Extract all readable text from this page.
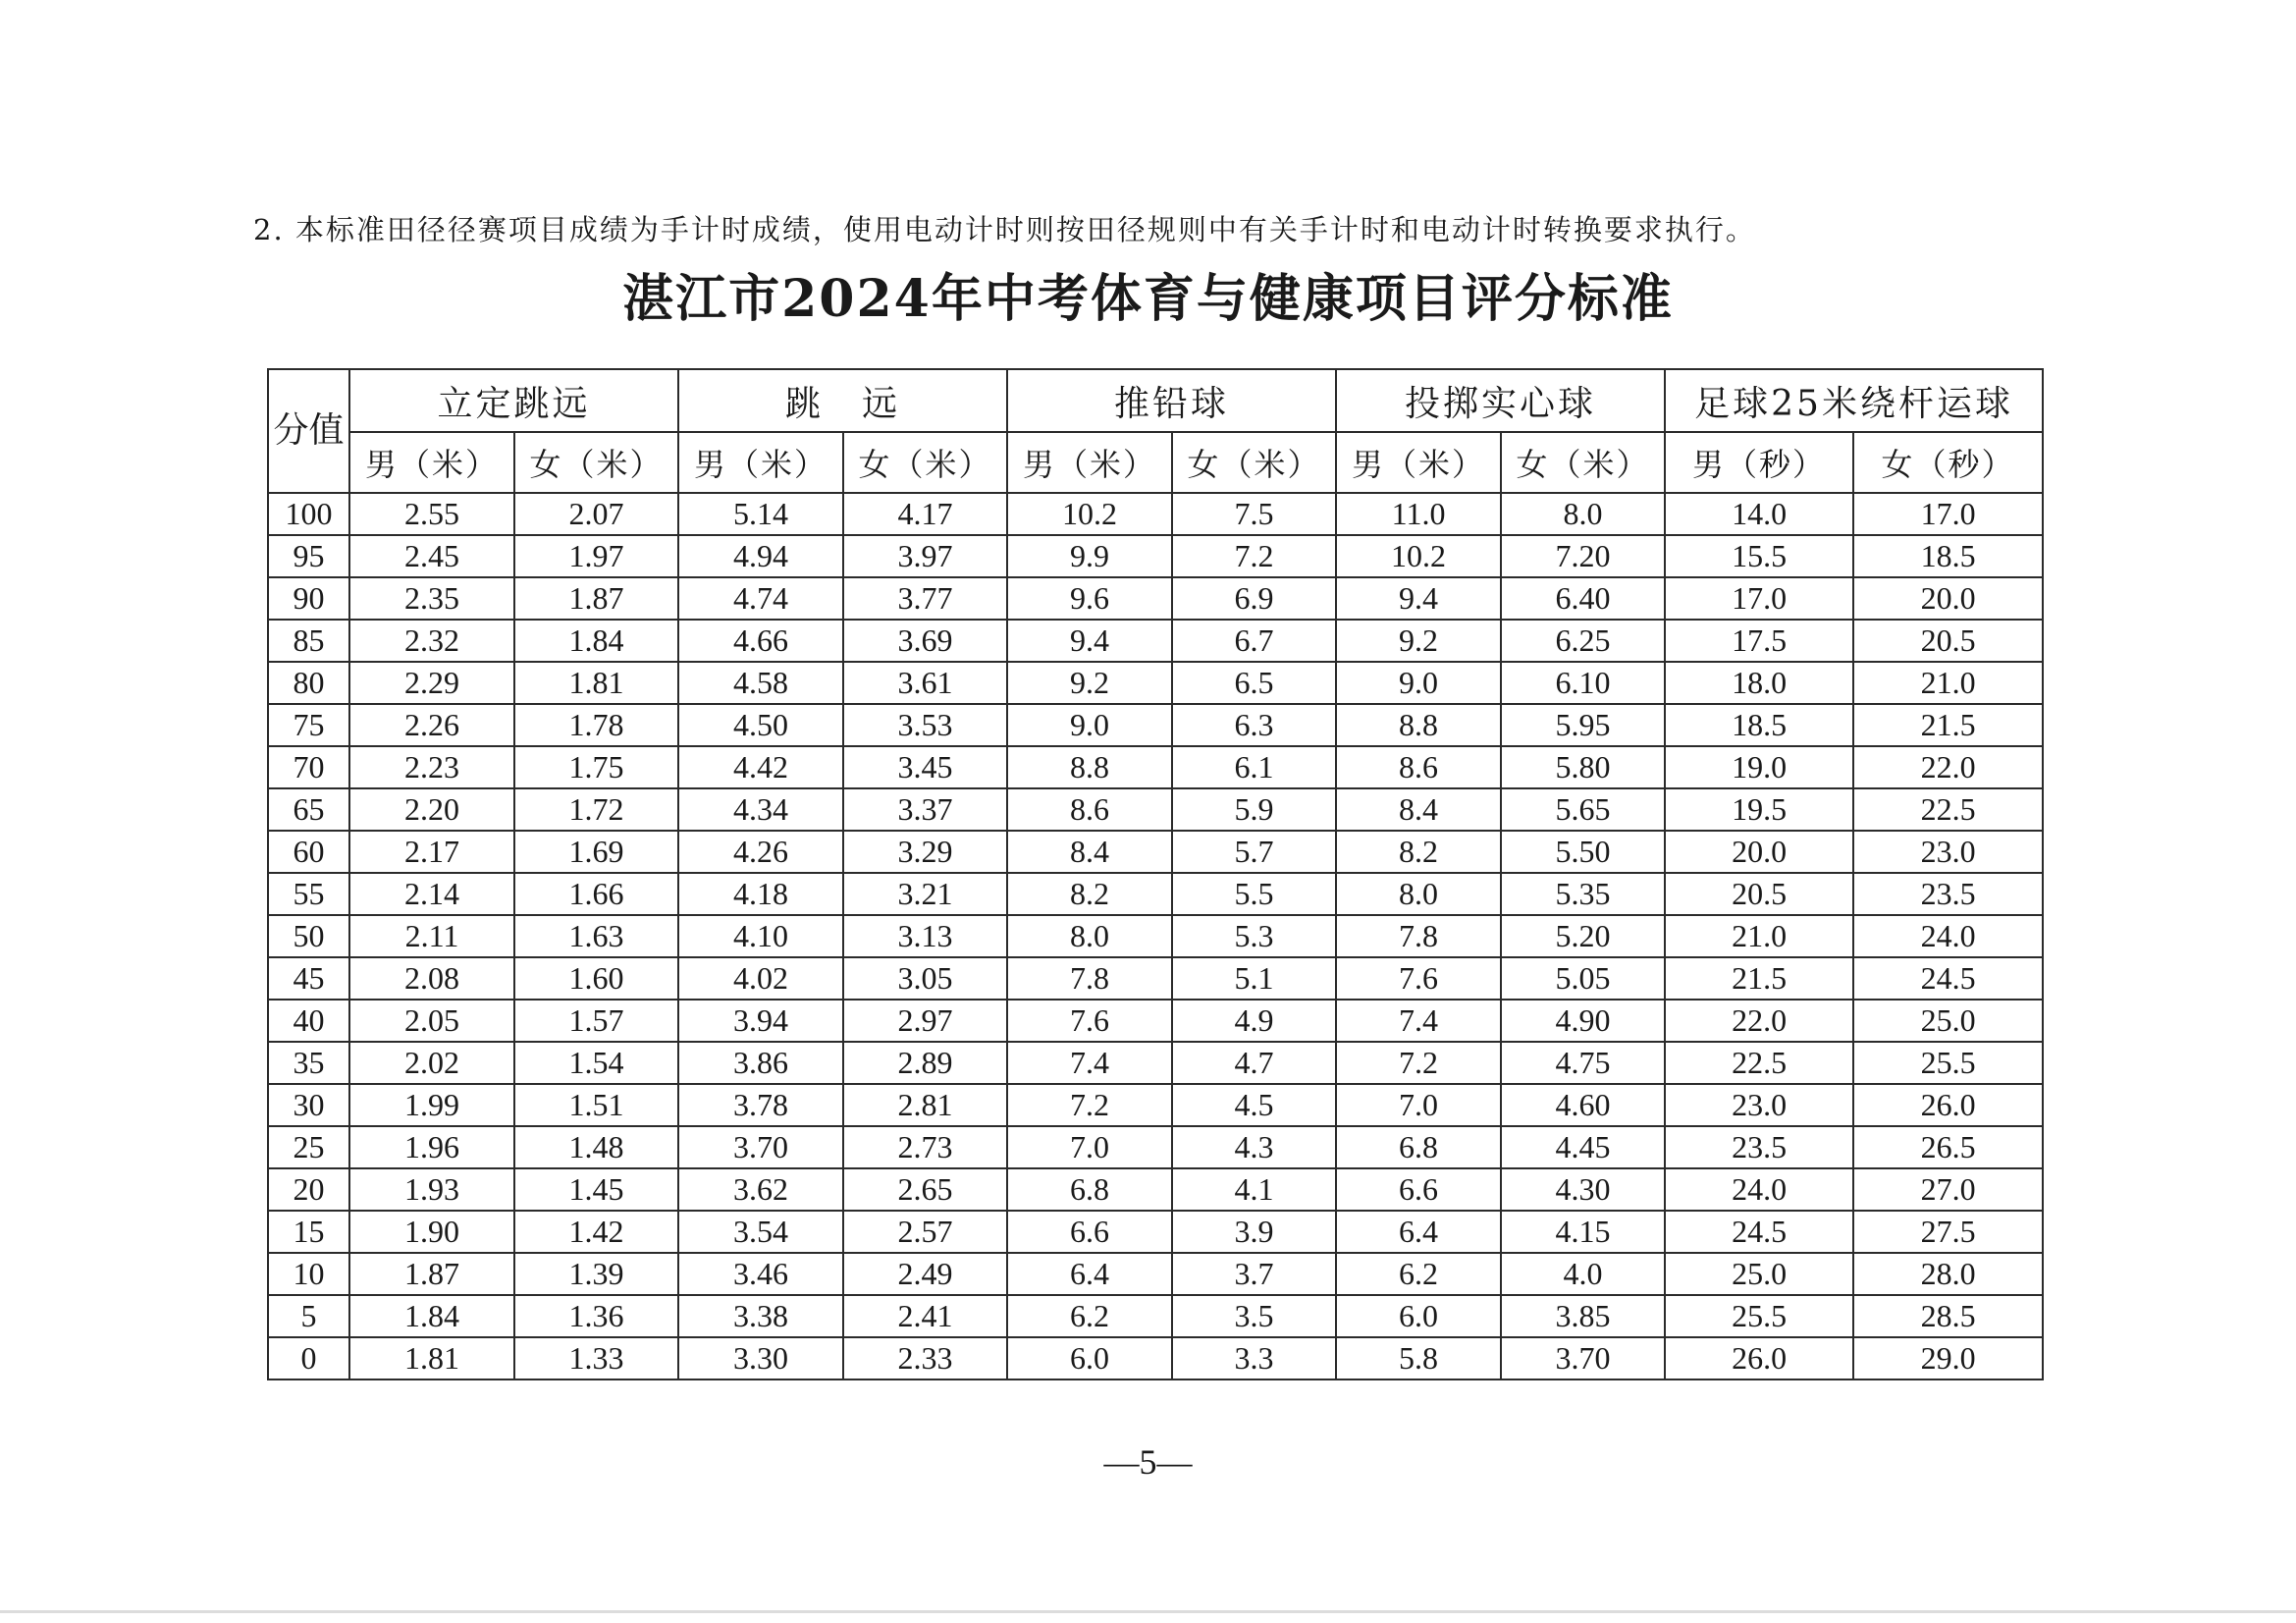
2. 本标准田径径赛项目成绩为手计时成绩，使用电动计时则按田径规则中有关手计时和电动计时转换要求执行。
湛江市2024年中考体育与健康项目评分标准
分值	立定跳远		跳　远		推铅球		投掷实心球		足球25米绕杆运球	
	男（米）	女（米）	男（米）	女（米）	男（米）	女（米）	男（米）	女（米）	男（秒）	女（秒）
100	2.55	2.07	5.14	4.17	10.2	7.5	11.0	8.0	14.0	17.0
95	2.45	1.97	4.94	3.97	9.9	7.2	10.2	7.20	15.5	18.5
90	2.35	1.87	4.74	3.77	9.6	6.9	9.4	6.40	17.0	20.0
85	2.32	1.84	4.66	3.69	9.4	6.7	9.2	6.25	17.5	20.5
80	2.29	1.81	4.58	3.61	9.2	6.5	9.0	6.10	18.0	21.0
75	2.26	1.78	4.50	3.53	9.0	6.3	8.8	5.95	18.5	21.5
70	2.23	1.75	4.42	3.45	8.8	6.1	8.6	5.80	19.0	22.0
65	2.20	1.72	4.34	3.37	8.6	5.9	8.4	5.65	19.5	22.5
60	2.17	1.69	4.26	3.29	8.4	5.7	8.2	5.50	20.0	23.0
55	2.14	1.66	4.18	3.21	8.2	5.5	8.0	5.35	20.5	23.5
50	2.11	1.63	4.10	3.13	8.0	5.3	7.8	5.20	21.0	24.0
45	2.08	1.60	4.02	3.05	7.8	5.1	7.6	5.05	21.5	24.5
40	2.05	1.57	3.94	2.97	7.6	4.9	7.4	4.90	22.0	25.0
35	2.02	1.54	3.86	2.89	7.4	4.7	7.2	4.75	22.5	25.5
30	1.99	1.51	3.78	2.81	7.2	4.5	7.0	4.60	23.0	26.0
25	1.96	1.48	3.70	2.73	7.0	4.3	6.8	4.45	23.5	26.5
20	1.93	1.45	3.62	2.65	6.8	4.1	6.6	4.30	24.0	27.0
15	1.90	1.42	3.54	2.57	6.6	3.9	6.4	4.15	24.5	27.5
10	1.87	1.39	3.46	2.49	6.4	3.7	6.2	4.0	25.0	28.0
5	1.84	1.36	3.38	2.41	6.2	3.5	6.0	3.85	25.5	28.5
0	1.81	1.33	3.30	2.33	6.0	3.3	5.8	3.70	26.0	29.0
—5—
